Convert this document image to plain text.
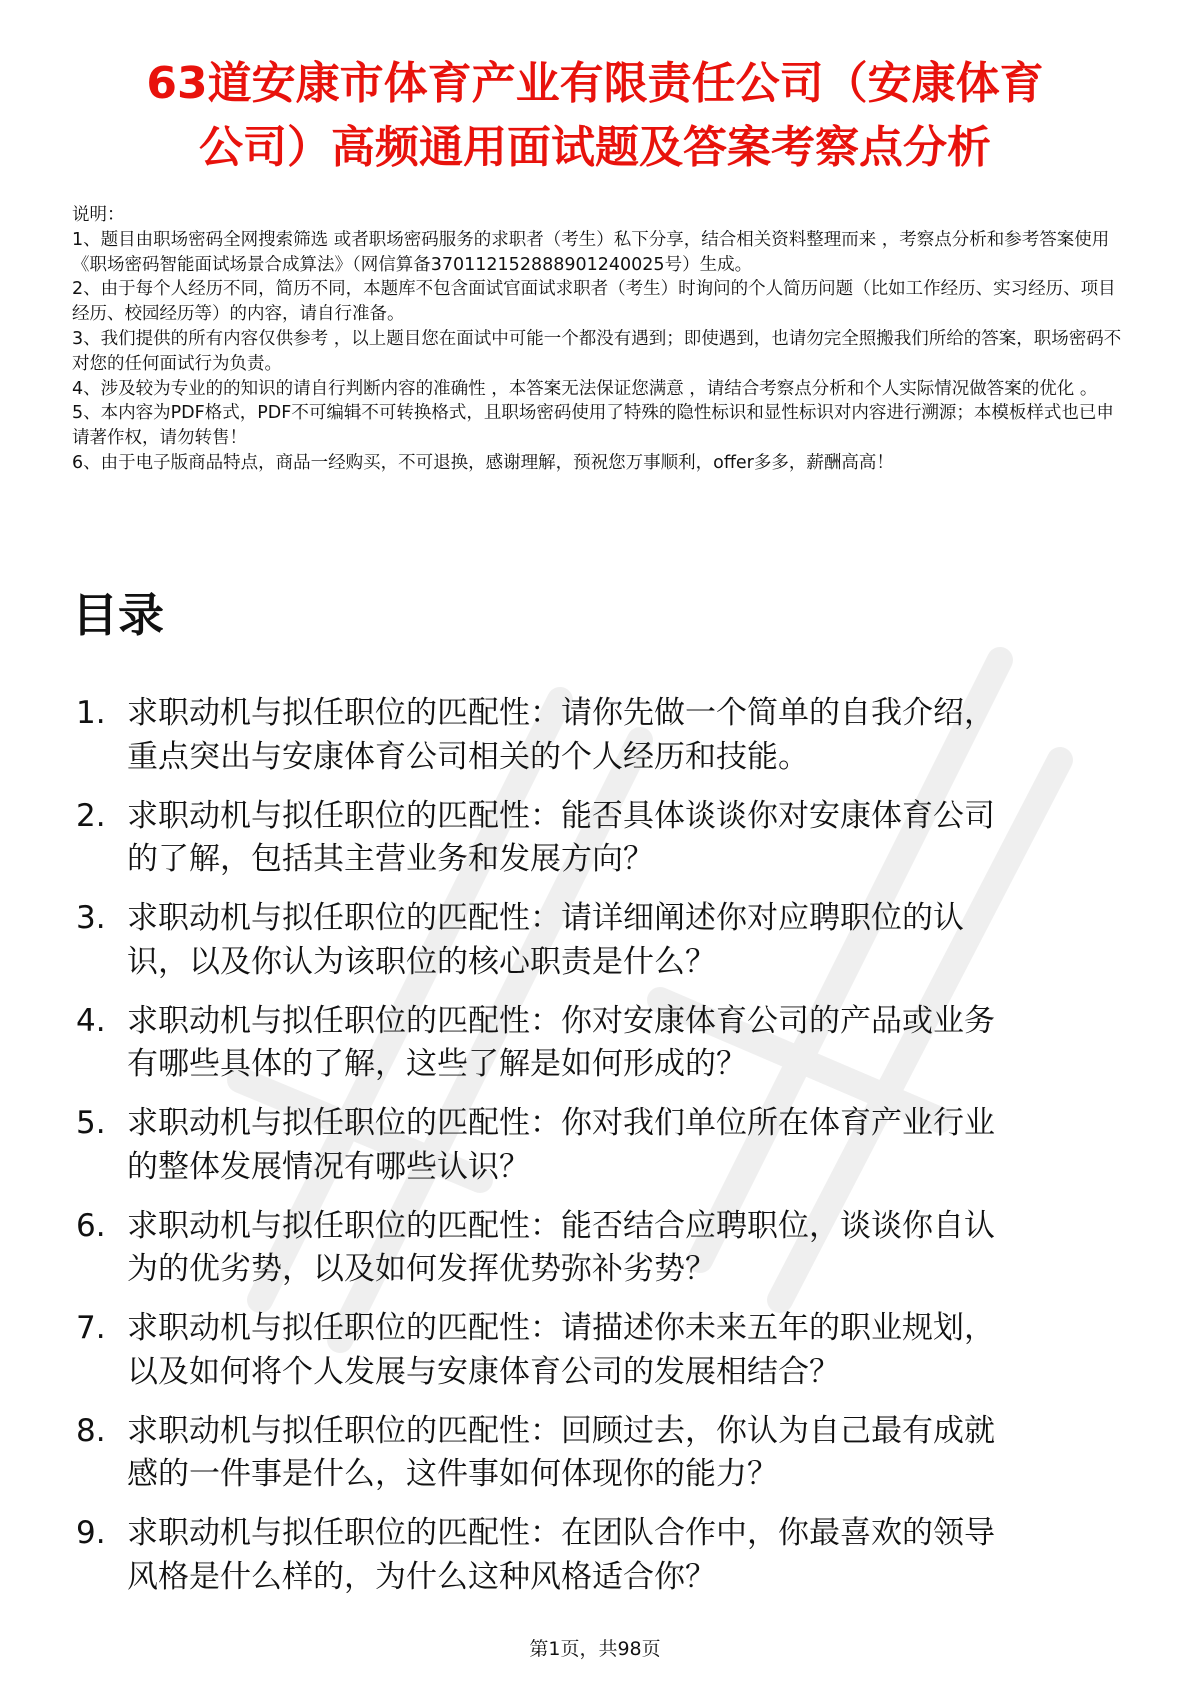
63道安康市体育产业有限责任公司（安康体育
公司）高频通用面试题及答案考察点分析

说明：

1、题目由职场密码全网搜索筛选 或者职场密码服务的求职者（考生）私下分享，结合相关资料整理而来 ，考察点分析和参考答案使用《职场密码智能面试场景合成算法》（网信算备370112152888901240025号）生成。

2、由于每个人经历不同，简历不同，本题库不包含面试官面试求职者（考生）时询问的个人简历问题（比如工作经历、实习经历、项目经历、校园经历等）的内容，请自行准备。

3、我们提供的所有内容仅供参考 ，以上题目您在面试中可能一个都没有遇到；即使遇到，也请勿完全照搬我们所给的答案，职场密码不对您的任何面试行为负责。

4、涉及较为专业的的知识的请自行判断内容的准确性 ，本答案无法保证您满意 ，请结合考察点分析和个人实际情况做答案的优化 。

5、本内容为PDF格式，PDF不可编辑不可转换格式，且职场密码使用了特殊的隐性标识和显性标识对内容进行溯源；本模板样式也已申请著作权，请勿转售！

6、由于电子版商品特点，商品一经购买，不可退换，感谢理解，预祝您万事顺利，offer多多，薪酬高高！

目录
1. 求职动机与拟任职位的匹配性：请你先做一个简单的自我介绍，
重点突出与安康体育公司相关的个人经历和技能。
2. 求职动机与拟任职位的匹配性：能否具体谈谈你对安康体育公司
的了解，包括其主营业务和发展方向？
3. 求职动机与拟任职位的匹配性：请详细阐述你对应聘职位的认
识，以及你认为该职位的核心职责是什么？
4. 求职动机与拟任职位的匹配性：你对安康体育公司的产品或业务
有哪些具体的了解，这些了解是如何形成的？
5. 求职动机与拟任职位的匹配性：你对我们单位所在体育产业行业
的整体发展情况有哪些认识？
6. 求职动机与拟任职位的匹配性：能否结合应聘职位，谈谈你自认
为的优劣势，以及如何发挥优势弥补劣势？
7. 求职动机与拟任职位的匹配性：请描述你未来五年的职业规划，
以及如何将个人发展与安康体育公司的发展相结合？
8. 求职动机与拟任职位的匹配性：回顾过去，你认为自己最有成就
感的一件事是什么，这件事如何体现你的能力？
9. 求职动机与拟任职位的匹配性：在团队合作中，你最喜欢的领导
风格是什么样的，为什么这种风格适合你？
第1页，共98页
